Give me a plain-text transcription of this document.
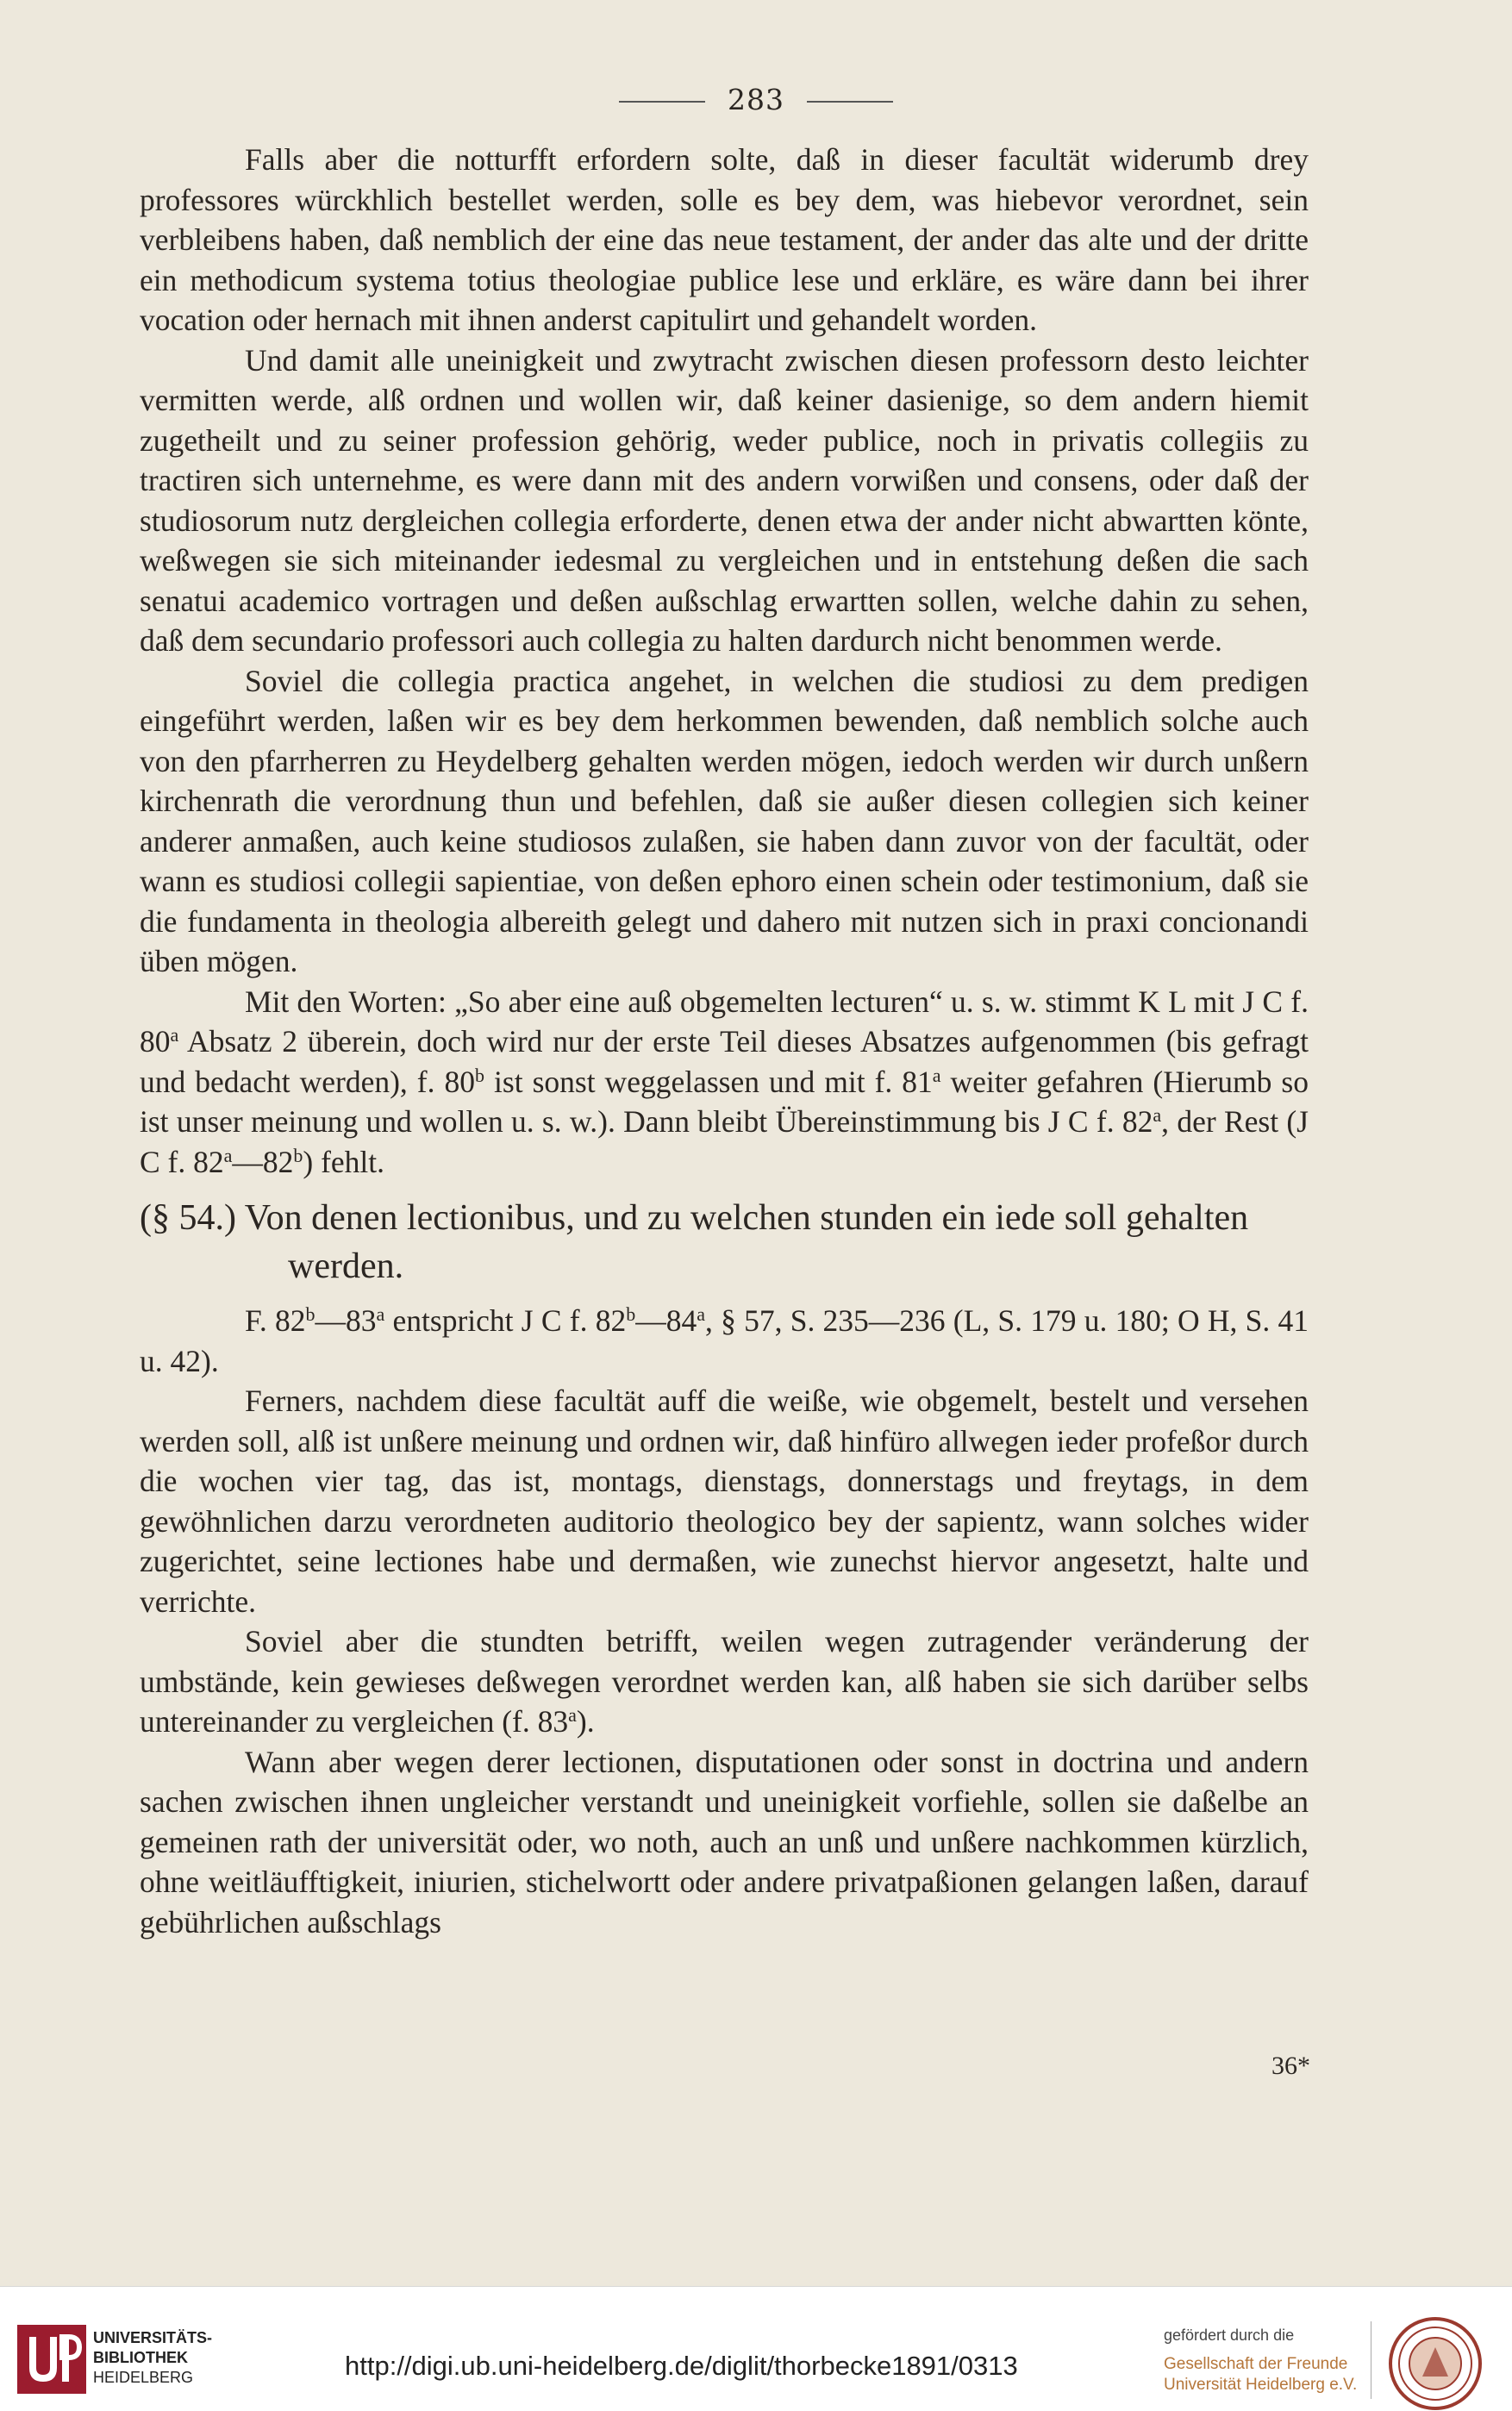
283

Falls aber die notturfft erfordern solte, daß in dieser facultät widerumb drey professores würckhlich bestellet werden, solle es bey dem, was hiebevor verordnet, sein verbleibens haben, daß nemblich der eine das neue testament, der ander das alte und der dritte ein methodicum systema totius theologiae publice lese und erkläre, es wäre dann bei ihrer vocation oder hernach mit ihnen anderst capitulirt und gehandelt worden.

Und damit alle uneinigkeit und zwytracht zwischen diesen professorn desto leichter vermitten werde, alß ordnen und wollen wir, daß keiner dasienige, so dem andern hiemit zugetheilt und zu seiner profession gehörig, weder publice, noch in privatis collegiis zu tractiren sich unternehme, es were dann mit des andern vorwißen und consens, oder daß der studiosorum nutz dergleichen collegia erforderte, denen etwa der ander nicht abwartten könte, weßwegen sie sich miteinander iedesmal zu vergleichen und in entstehung deßen die sach senatui academico vortragen und deßen außschlag erwartten sollen, welche dahin zu sehen, daß dem secundario professori auch collegia zu halten dardurch nicht benommen werde.

Soviel die collegia practica angehet, in welchen die studiosi zu dem predigen eingeführt werden, laßen wir es bey dem herkommen bewenden, daß nemblich solche auch von den pfarrherren zu Heydelberg gehalten werden mögen, iedoch werden wir durch unßern kirchenrath die verordnung thun und befehlen, daß sie außer diesen collegien sich keiner anderer anmaßen, auch keine studiosos zulaßen, sie haben dann zuvor von der facultät, oder wann es studiosi collegii sapientiae, von deßen ephoro einen schein oder testimonium, daß sie die fundamenta in theologia albereith gelegt und dahero mit nutzen sich in praxi concionandi üben mögen.

Mit den Worten: „So aber eine auß obgemelten lecturen“ u. s. w. stimmt K L mit J C f. 80$^a$ Absatz 2 überein, doch wird nur der erste Teil dieses Absatzes aufgenommen (bis gefragt und bedacht werden), f. 80$^b$ ist sonst weggelassen und mit f. 81$^a$ weiter gefahren (Hierumb so ist unser meinung und wollen u. s. w.). Dann bleibt Übereinstimmung bis J C f. 82$^a$, der Rest (J C f. 82$^a$—82$^b$) fehlt.

(§ 54.) Von denen lectionibus, und zu welchen stunden ein iede soll gehalten werden.

F. 82$^b$—83$^a$ entspricht J C f. 82$^b$—84$^a$, § 57, S. 235—236 (L, S. 179 u. 180; O H, S. 41 u. 42).

Ferners, nachdem diese facultät auff die weiße, wie obgemelt, bestelt und versehen werden soll, alß ist unßere meinung und ordnen wir, daß hinfüro allwegen ieder profeßor durch die wochen vier tag, das ist, montags, dienstags, donnerstags und freytags, in dem gewöhnlichen darzu verordneten auditorio theologico bey der sapientz, wann solches wider zugerichtet, seine lectiones habe und dermaßen, wie zunechst hiervor angesetzt, halte und verrichte.

Soviel aber die stundten betrifft, weilen wegen zutragender veränderung der umbstände, kein gewieses deßwegen verordnet werden kan, alß haben sie sich darüber selbs untereinander zu vergleichen (f. 83$^a$).

Wann aber wegen derer lectionen, disputationen oder sonst in doctrina und andern sachen zwischen ihnen ungleicher verstandt und uneinigkeit vorfiehle, sollen sie daßelbe an gemeinen rath der universität oder, wo noth, auch an unß und unßere nachkommen kürzlich, ohne weitläufftigkeit, iniurien, stichelwortt oder andere privatpaßionen gelangen laßen, darauf gebührlichen außschlags

36*
UNIVERSITÄTS-
BIBLIOTHEK
HEIDELBERG	http://digi.ub.uni-heidelberg.de/diglit/thorbecke1891/0313
gefördert durch die
Gesellschaft der Freunde
Universität Heidelberg e.V.
